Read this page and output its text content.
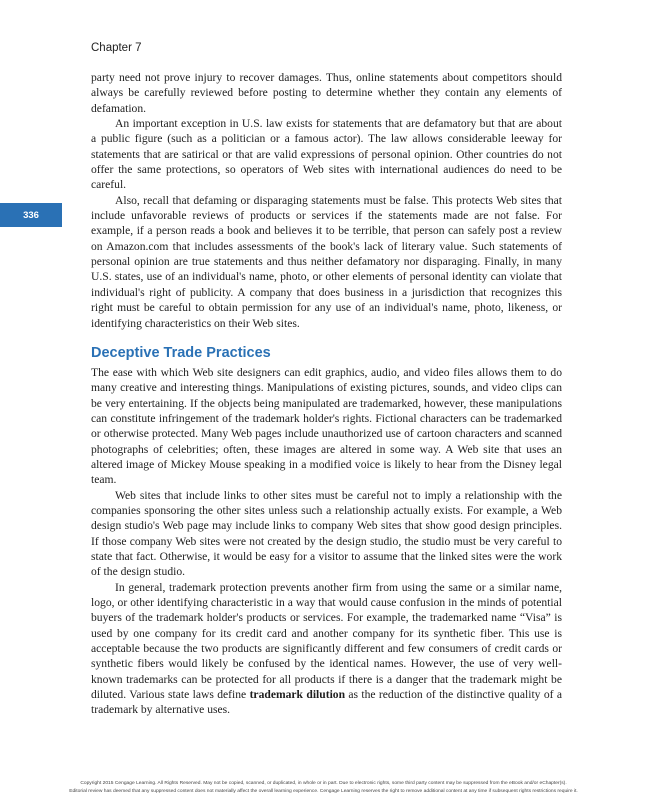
Chapter 7
336

party need not prove injury to recover damages. Thus, online statements about competitors should always be carefully reviewed before posting to determine whether they contain any elements of defamation.

An important exception in U.S. law exists for statements that are defamatory but that are about a public figure (such as a politician or a famous actor). The law allows considerable leeway for statements that are satirical or that are valid expressions of personal opinion. Other countries do not offer the same protections, so operators of Web sites with international audiences do need to be careful.

Also, recall that defaming or disparaging statements must be false. This protects Web sites that include unfavorable reviews of products or services if the statements made are not false. For example, if a person reads a book and believes it to be terrible, that person can safely post a review on Amazon.com that includes assessments of the book's lack of literary value. Such statements of personal opinion are true statements and thus neither defamatory nor disparaging. Finally, in many U.S. states, use of an individual's name, photo, or other elements of personal identity can violate that individual's right of publicity. A company that does business in a jurisdiction that recognizes this right must be careful to obtain permission for any use of an individual's name, photo, likeness, or identifying characteristics on their Web sites.

Deceptive Trade Practices

The ease with which Web site designers can edit graphics, audio, and video files allows them to do many creative and interesting things. Manipulations of existing pictures, sounds, and video clips can be very entertaining. If the objects being manipulated are trademarked, however, these manipulations can constitute infringement of the trademark holder's rights. Fictional characters can be trademarked or otherwise protected. Many Web pages include unauthorized use of cartoon characters and scanned photographs of celebrities; often, these images are altered in some way. A Web site that uses an altered image of Mickey Mouse speaking in a modified voice is likely to hear from the Disney legal team.

Web sites that include links to other sites must be careful not to imply a relationship with the companies sponsoring the other sites unless such a relationship actually exists. For example, a Web design studio's Web page may include links to company Web sites that show good design principles. If those company Web sites were not created by the design studio, the studio must be very careful to state that fact. Otherwise, it would be easy for a visitor to assume that the linked sites were the work of the design studio.

In general, trademark protection prevents another firm from using the same or a similar name, logo, or other identifying characteristic in a way that would cause confusion in the minds of potential buyers of the trademark holder's products or services. For example, the trademarked name “Visa” is used by one company for its credit card and another company for its synthetic fiber. This use is acceptable because the two products are significantly different and few consumers of credit cards or synthetic fibers would likely be confused by the identical names. However, the use of very well-known trademarks can be protected for all products if there is a danger that the trademark might be diluted. Various state laws define trademark dilution as the reduction of the distinctive quality of a trademark by alternative uses.

Copyright 2015 Cengage Learning. All Rights Reserved. May not be copied, scanned, or duplicated, in whole or in part. Due to electronic rights, some third party content may be suppressed from the eBook and/or eChapter(s).
Editorial review has deemed that any suppressed content does not materially affect the overall learning experience. Cengage Learning reserves the right to remove additional content at any time if subsequent rights restrictions require it.
